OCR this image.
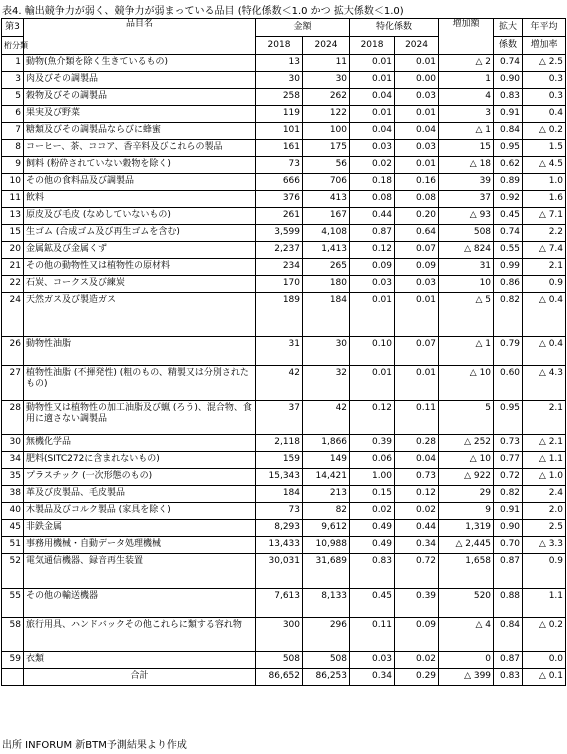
表4. 輸出競争力が弱く、競争力が弱まっている品目 (特化係数＜1.0 かつ 拡大係数＜1.0)
第3	品目名	金額		特化係数		増加額	拡大	年平均
桁分類		2018	2024	2018	2024		係数	増加率
1	動物(魚介類を除く生きているもの)	13	11	0.01	0.01	△ 2	0.74	△ 2.5
3	肉及びその調製品	30	30	0.01	0.00	1	0.90	0.3
5	穀物及びその調製品	258	262	0.04	0.03	4	0.83	0.3
6	果実及び野菜	119	122	0.01	0.01	3	0.91	0.4
7	糖類及びその調製品ならびに蜂蜜	101	100	0.04	0.04	△ 1	0.84	△ 0.2
8	コーヒー、茶、ココア、香辛料及びこれらの製品	161	175	0.03	0.03	15	0.95	1.5
9	飼料 (粉砕されていない穀物を除く)	73	56	0.02	0.01	△ 18	0.62	△ 4.5
10	その他の食料品及び調製品	666	706	0.18	0.16	39	0.89	1.0
11	飲料	376	413	0.08	0.08	37	0.92	1.6
13	原皮及び毛皮 (なめしていないもの)	261	167	0.44	0.20	△ 93	0.45	△ 7.1
15	生ゴム (合成ゴム及び再生ゴムを含む)	3,599	4,108	0.87	0.64	508	0.74	2.2
20	金属鉱及び金属くず	2,237	1,413	0.12	0.07	△ 824	0.55	△ 7.4
21	その他の動物性又は植物性の原材料	234	265	0.09	0.09	31	0.99	2.1
22	石炭、コークス及び練炭	170	180	0.03	0.03	10	0.86	0.9
24	天然ガス及び製造ガス	189	184	0.01	0.01	△ 5	0.82	△ 0.4
26	動物性油脂	31	30	0.10	0.07	△ 1	0.79	△ 0.4
27	植物性油脂 (不揮発性) (粗のもの、精製又は分別されたもの)	42	32	0.01	0.01	△ 10	0.60	△ 4.3
28	動物性又は植物性の加工油脂及び蝋 (ろう)、混合物、食用に適さない調製品	37	42	0.12	0.11	5	0.95	2.1
30	無機化学品	2,118	1,866	0.39	0.28	△ 252	0.73	△ 2.1
34	肥料(SITC272に含まれないもの)	159	149	0.06	0.04	△ 10	0.77	△ 1.1
35	プラスチック (一次形態のもの)	15,343	14,421	1.00	0.73	△ 922	0.72	△ 1.0
38	革及び皮製品、毛皮製品	184	213	0.15	0.12	29	0.82	2.4
40	木製品及びコルク製品 (家具を除く)	73	82	0.02	0.02	9	0.91	2.0
45	非鉄金属	8,293	9,612	0.49	0.44	1,319	0.90	2.5
51	事務用機械・自動データ処理機械	13,433	10,988	0.49	0.34	△ 2,445	0.70	△ 3.3
52	電気通信機器、録音再生装置	30,031	31,689	0.83	0.72	1,658	0.87	0.9
55	その他の輸送機器	7,613	8,133	0.45	0.39	520	0.88	1.1
58	旅行用具、ハンドバックその他これらに類する容れ物	300	296	0.11	0.09	△ 4	0.84	△ 0.2
59	衣類	508	508	0.03	0.02	0	0.87	0.0
	合計	86,652	86,253	0.34	0.29	△ 399	0.83	△ 0.1
出所 INFORUM 新BTM予測結果より作成
